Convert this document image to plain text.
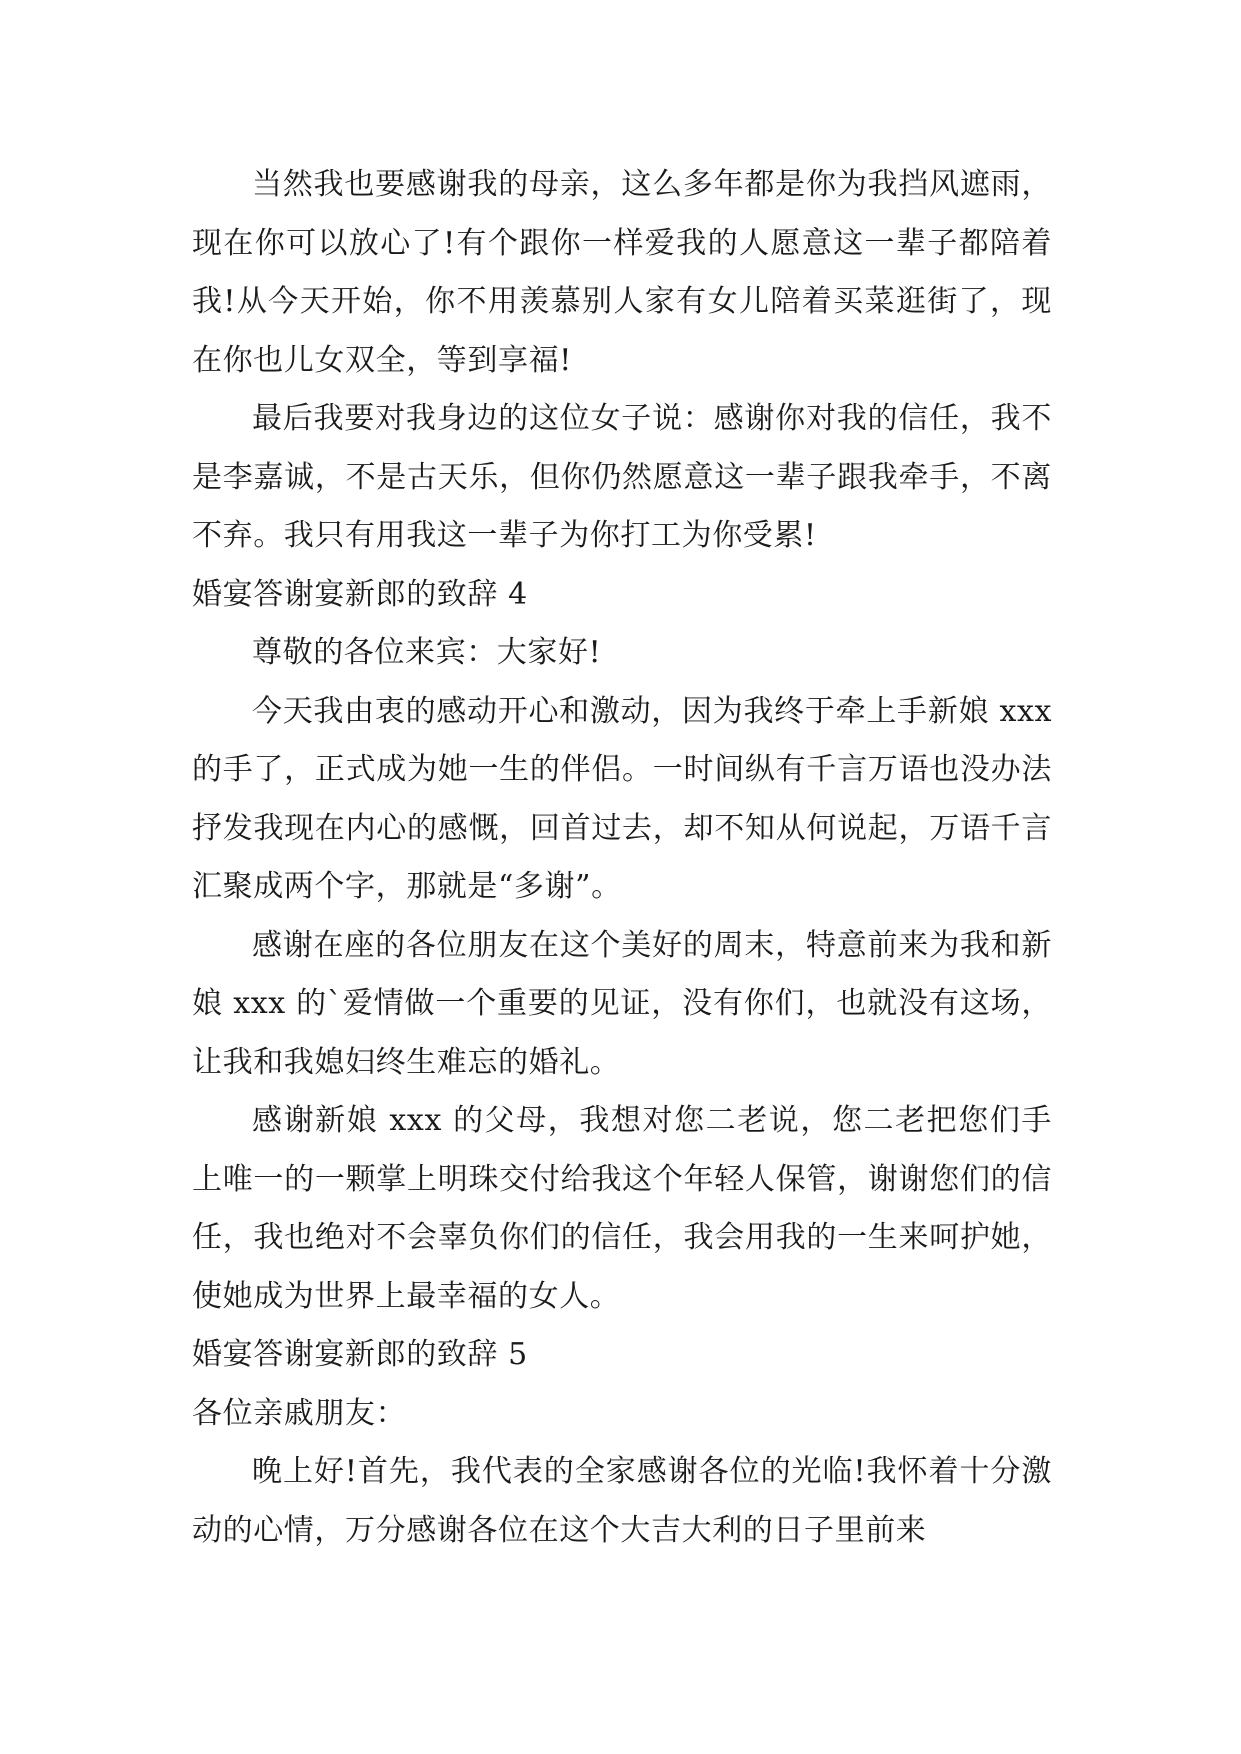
当然我也要感谢我的母亲，这么多年都是你为我挡风遮雨，现在你可以放心了!有个跟你一样爱我的人愿意这一辈子都陪着我!从今天开始，你不用羡慕别人家有女儿陪着买菜逛街了，现在你也儿女双全，等到享福!

最后我要对我身边的这位女子说：感谢你对我的信任，我不是李嘉诚，不是古天乐，但你仍然愿意这一辈子跟我牵手，不离不弃。我只有用我这一辈子为你打工为你受累!

婚宴答谢宴新郎的致辞 4

尊敬的各位来宾：大家好!

今天我由衷的感动开心和激动，因为我终于牵上手新娘 xxx 的手了，正式成为她一生的伴侣。一时间纵有千言万语也没办法抒发我现在内心的感慨，回首过去，却不知从何说起，万语千言汇聚成两个字，那就是“多谢”。

感谢在座的各位朋友在这个美好的周末，特意前来为我和新娘 xxx 的`爱情做一个重要的见证，没有你们，也就没有这场，让我和我媳妇终生难忘的婚礼。

感谢新娘 xxx 的父母，我想对您二老说，您二老把您们手上唯一的一颗掌上明珠交付给我这个年轻人保管，谢谢您们的信任，我也绝对不会辜负你们的信任，我会用我的一生来呵护她，使她成为世界上最幸福的女人。

婚宴答谢宴新郎的致辞 5

各位亲戚朋友：

晚上好!首先，我代表的全家感谢各位的光临!我怀着十分激动的心情，万分感谢各位在这个大吉大利的日子里前来
